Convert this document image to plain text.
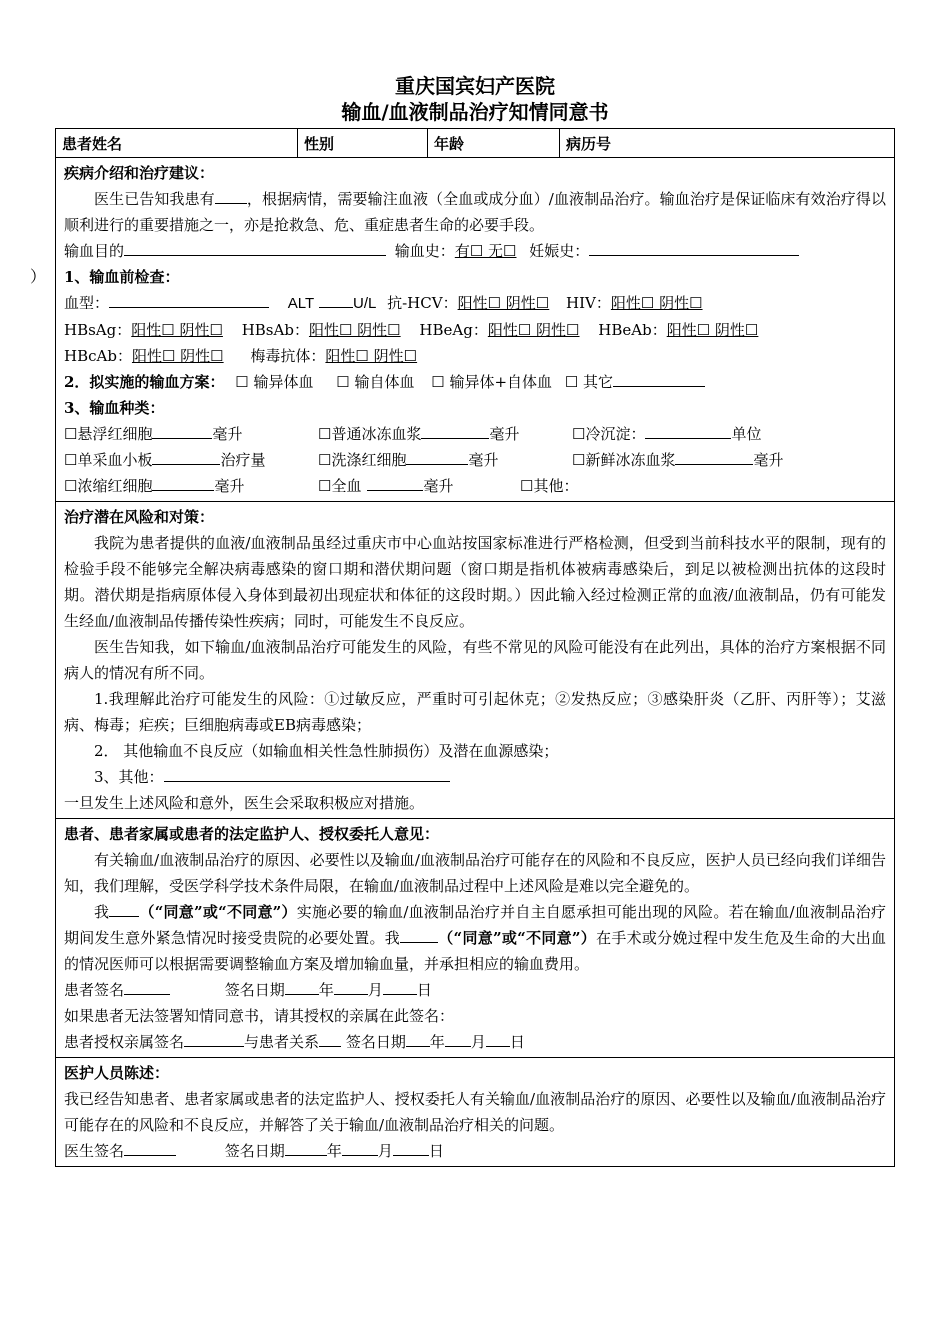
重庆国宾妇产医院
输血/血液制品治疗知情同意书
）
患者姓名	性别	年龄	病历号
疾病介绍和治疗建议：
医生已告知我患有 ，根据病情，需要输注血液（全血或成分血）/血液制品治疗。输血治疗是保证临床有效治疗得以顺利进行的重要措施之一，亦是抢救急、危、重症患者生命的必要手段。
输血目的	输血史：有☐ 无☐ 妊娠史：
1、输血前检查：
血型：	ALT	U/L 抗-HCV：阳性☐ 阴性☐ HIV：阳性☐ 阴性☐
HBsAg：阳性☐ 阴性☐ HBsAb：阳性☐ 阴性☐ HBeAg：阳性☐ 阴性☐ HBeAb：阳性☐ 阴性☐
HBcAb：阳性☐ 阴性☐ 梅毒抗体：阳性☐ 阴性☐
2．拟实施的输血方案： ☐ 输异体血 ☐ 输自体血 ☐ 输异体+自体血 ☐ 其它
3、输血种类：
☐悬浮红细胞	毫升	☐普通冰冻血浆	毫升	☐冷沉淀：	单位
☐单采血小板	治疗量	☐洗涤红细胞	毫升	☐新鲜冰冻血浆	毫升
☐浓缩红细胞	毫升	☐全血	毫升	☐其他：
治疗潜在风险和对策：
我院为患者提供的血液/血液制品虽经过重庆市中心血站按国家标准进行严格检测，但受到当前科技水平的限制，现有的检验手段不能够完全解决病毒感染的窗口期和潜伏期问题（窗口期是指机体被病毒感染后，到足以被检测出抗体的这段时期。潜伏期是指病原体侵入身体到最初出现症状和体征的这段时期。）因此输入经过检测正常的血液/血液制品，仍有可能发生经血/血液制品传播传染性疾病；同时，可能发生不良反应。
医生告知我，如下输血/血液制品治疗可能发生的风险，有些不常见的风险可能没有在此列出，具体的治疗方案根据不同病人的情况有所不同。
1.我理解此治疗可能发生的风险：①过敏反应，严重时可引起休克；②发热反应；③感染肝炎（乙肝、丙肝等）；艾滋病、梅毒；疟疾；巨细胞病毒或EB病毒感染；
2． 其他输血不良反应（如输血相关性急性肺损伤）及潜在血源感染；
3、其他：
一旦发生上述风险和意外，医生会采取积极应对措施。
患者、患者家属或患者的法定监护人、授权委托人意见：
有关输血/血液制品治疗的原因、必要性以及输血/血液制品治疗可能存在的风险和不良反应，医护人员已经向我们详细告知，我们理解，受医学科学技术条件局限，在输血/血液制品过程中上述风险是难以完全避免的。
我 （“同意”或“不同意”）实施必要的输血/血液制品治疗并自主自愿承担可能出现的风险。若在输血/血液制品治疗期间发生意外紧急情况时接受贵院的必要处置。我	（“同意”或“不同意”）在手术或分娩过程中发生危及生命的大出血的情况医师可以根据需要调整输血方案及增加输血量，并承担相应的输血费用。
患者签名	签名日期 年 月 日
如果患者无法签署知情同意书，请其授权的亲属在此签名：
患者授权亲属签名	与患者关系 签名日期 年 月 日
医护人员陈述：
我已经告知患者、患者家属或患者的法定监护人、授权委托人有关输血/血液制品治疗的原因、必要性以及输血/血液制品治疗可能存在的风险和不良反应，并解答了关于输血/血液制品治疗相关的问题。
医生签名	签名日期	年 月 日
